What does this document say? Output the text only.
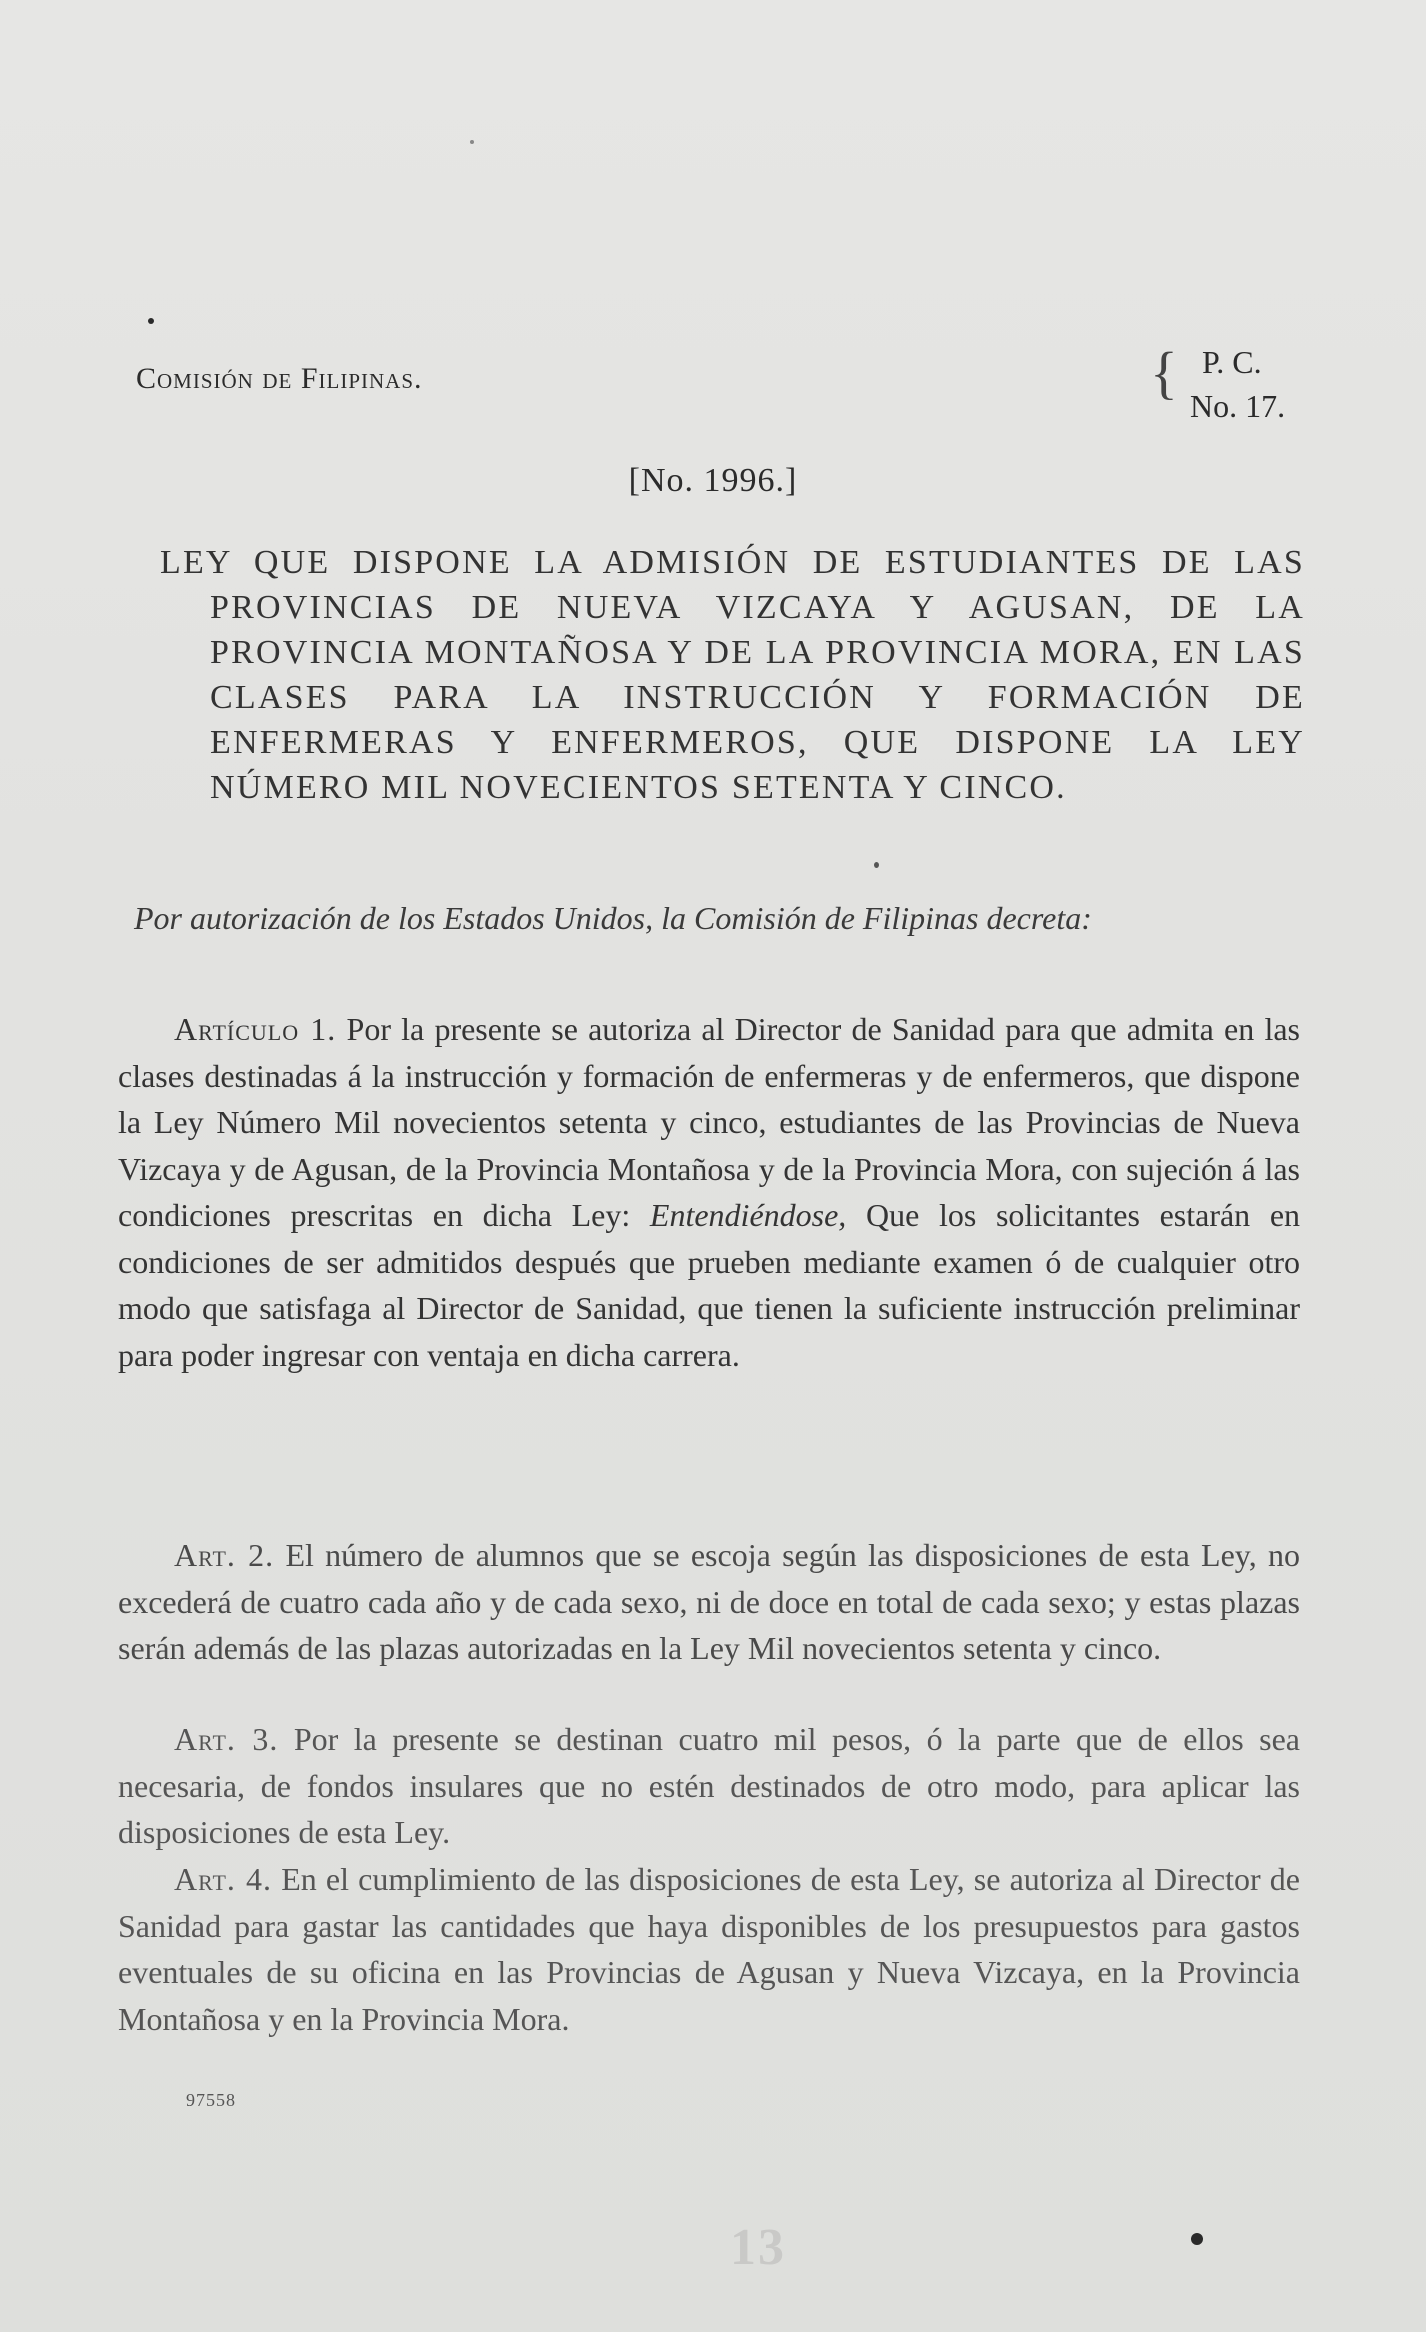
Comisión de Filipinas.	{ P. C.
No. 17.
[No. 1996.]
LEY QUE DISPONE LA ADMISIÓN DE ESTUDIANTES DE LAS PROVINCIAS DE NUEVA VIZCAYA Y AGUSAN, DE LA PROVINCIA MONTAÑOSA Y DE LA PROVINCIA MORA, EN LAS CLASES PARA LA INSTRUCCIÓN Y FORMACIÓN DE ENFERMERAS Y ENFERMEROS, QUE DISPONE LA LEY NÚMERO MIL NOVECIENTOS SETENTA Y CINCO.
Por autorización de los Estados Unidos, la Comisión de Filipinas decreta:

Artículo 1. Por la presente se autoriza al Director de Sanidad para que admita en las clases destinadas á la instrucción y formación de enfermeras y de enfermeros, que dispone la Ley Número Mil novecientos setenta y cinco, estudiantes de las Provincias de Nueva Vizcaya y de Agusan, de la Provincia Montañosa y de la Provincia Mora, con sujeción á las condiciones prescritas en dicha Ley: Entendiéndose, Que los solicitantes estarán en condiciones de ser admitidos después que prueben mediante examen ó de cualquier otro modo que satisfaga al Director de Sanidad, que tienen la suficiente instrucción preliminar para poder ingresar con ventaja en dicha carrera.

Art. 2. El número de alumnos que se escoja según las disposiciones de esta Ley, no excederá de cuatro cada año y de cada sexo, ni de doce en total de cada sexo; y estas plazas serán además de las plazas autorizadas en la Ley Mil novecientos setenta y cinco.

Art. 3. Por la presente se destinan cuatro mil pesos, ó la parte que de ellos sea necesaria, de fondos insulares que no estén destinados de otro modo, para aplicar las disposiciones de esta Ley.

Art. 4. En el cumplimiento de las disposiciones de esta Ley, se autoriza al Director de Sanidad para gastar las cantidades que haya disponibles de los presupuestos para gastos eventuales de su oficina en las Provincias de Agusan y Nueva Vizcaya, en la Provincia Montañosa y en la Provincia Mora.

97558
13
